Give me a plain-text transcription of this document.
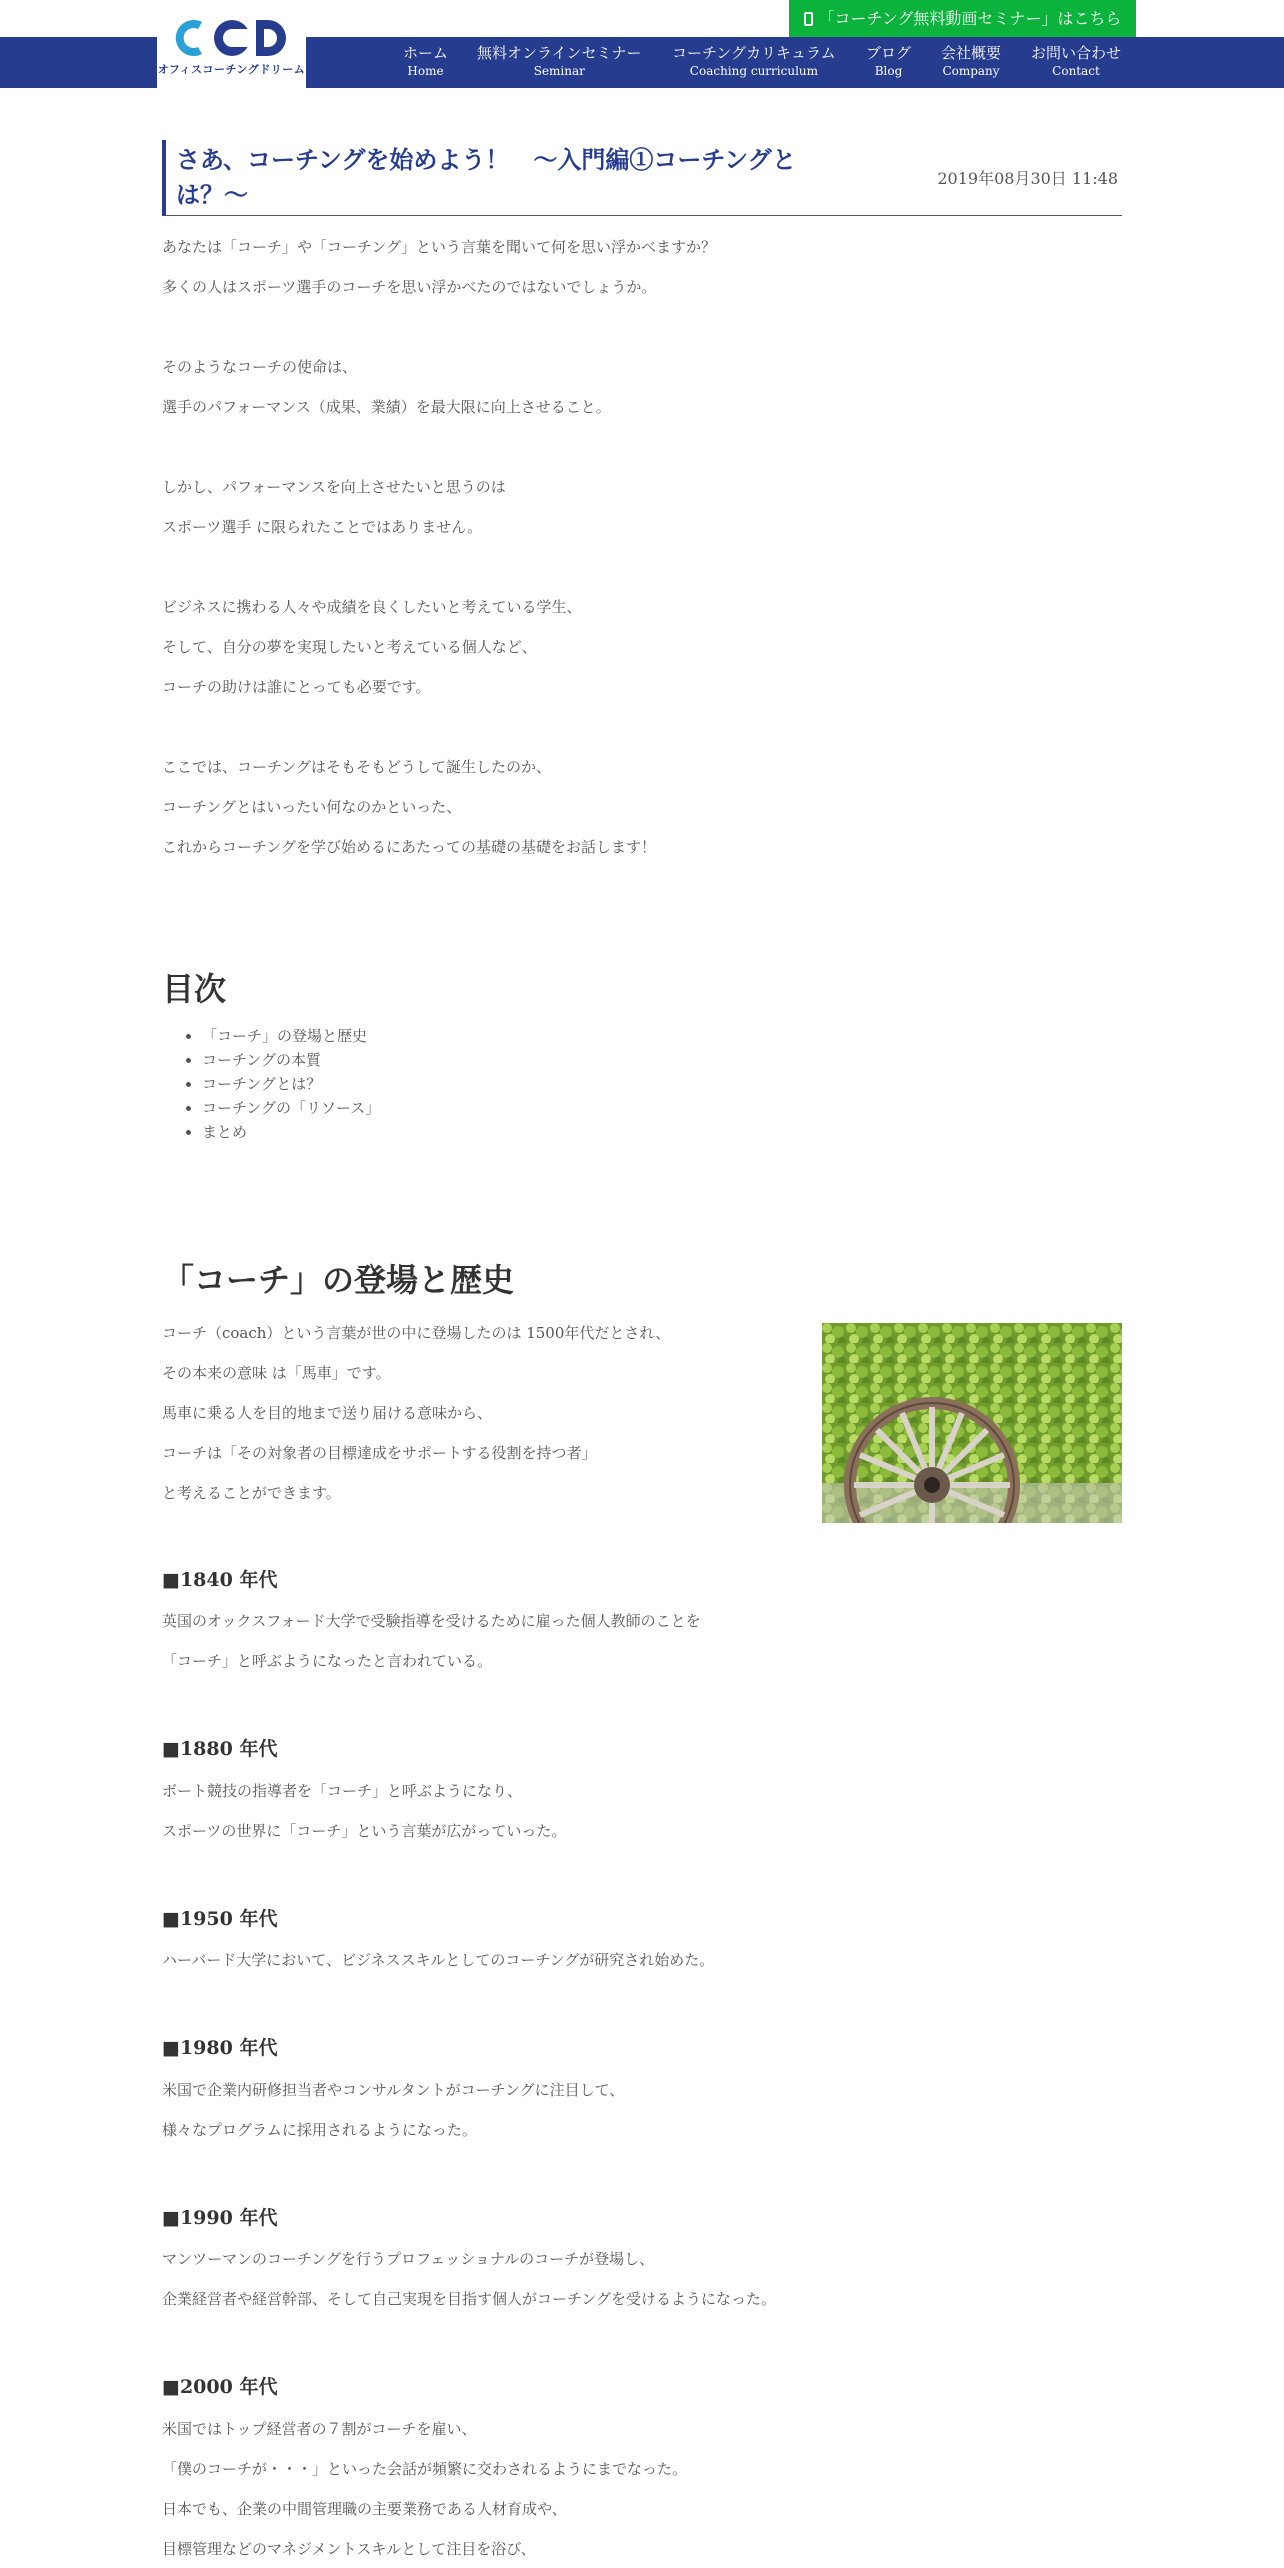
オフィスコーチングドリーム
「コーチング無料動画セミナー」はこちら
ホーム
Home
無料オンラインセミナー
Seminar
コーチングカリキュラム
Coaching curriculum
ブログ
Blog
会社概要
Company
お問い合わせ
Contact
さあ、コーチングを始めよう！　～入門編①コーチングと
は？～
2019年08月30日 11:48
あなたは「コーチ」や「コーチング」という言葉を聞いて何を思い浮かべますか？
多くの人はスポーツ選手のコーチを思い浮かべたのではないでしょうか。
そのようなコーチの使命は、
選手のパフォーマンス（成果、業績）を最大限に向上させること。
しかし、パフォーマンスを向上させたいと思うのは
スポーツ選手 に限られたことではありません。
ビジネスに携わる人々や成績を良くしたいと考えている学生、
そして、自分の夢を実現したいと考えている個人など、
コーチの助けは誰にとっても必要です。
ここでは、コーチングはそもそもどうして誕生したのか、
コーチングとはいったい何なのかといった、
これからコーチングを学び始めるにあたっての基礎の基礎をお話します！
目次
• 「コーチ」の登場と歴史
• コーチングの本質
• コーチングとは？
• コーチングの「リソース」
• まとめ
「コーチ」の登場と歴史
コーチ（coach）という言葉が世の中に登場したのは 1500年代だとされ、
その本来の意味 は「馬車」です。
馬車に乗る人を目的地まで送り届ける意味から、
コーチは「その対象者の目標達成をサポートする役割を持つ者」
と考えることができます。
■1840 年代
英国のオックスフォード大学で受験指導を受けるために雇った個人教師のことを
「コーチ」と呼ぶようになったと言われている。
■1880 年代
ボート競技の指導者を「コーチ」と呼ぶようになり、
スポーツの世界に「コーチ」という言葉が広がっていった。
■1950 年代
ハーバード大学において、ビジネススキルとしてのコーチングが研究され始めた。
■1980 年代
米国で企業内研修担当者やコンサルタントがコーチングに注目して、
様々なプログラムに採用されるようになった。
■1990 年代
マンツーマンのコーチングを行うプロフェッショナルのコーチが登場し、
企業経営者や経営幹部、そして自己実現を目指す個人がコーチングを受けるようになった。
■2000 年代
米国ではトップ経営者の７割がコーチを雇い、
「僕のコーチが・・・」といった会話が頻繁に交わされるようにまでなった。
日本でも、企業の中間管理職の主要業務である人材育成や、
目標管理などのマネジメントスキルとして注目を浴び、
